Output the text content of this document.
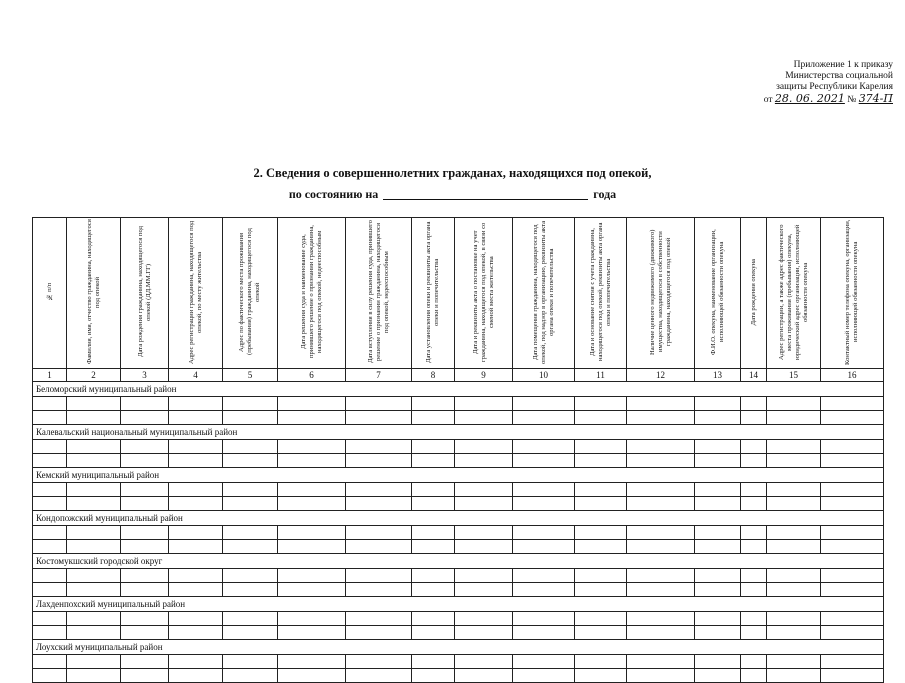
Приложение 1 к приказу
Министерства социальной
защиты Республики Карелия
от 28. 06. 2021 № 374-П
2. Сведения о совершеннолетних гражданах, находящихся под опекой,
по состоянию на	года
№ п/п	Фамилия, имя, отчество гражданина, находящегося под опекой	Дата рождения гражданина, находящегося под опекой (ДД.ММ.ГГ)	Адрес регистрации гражданина, находящегося под опекой, по месту жительства	Адрес по фактического места проживания (пребывания) гражданина, находящегося под опекой	Дата решения суда и наименование суда, принявшего решение о признании гражданина, находящегося под опекой, недееспособным	Дата вступления в силу решения суда, принявшего решение о признании гражданина, находящегося под опекой, недееспособным	Дата установления опеки и реквизиты акта органа опеки и попечительства	Дата и реквизиты акта о постановке на учет гражданина, находящегося под опекой, в связи со сменой места жительства	Дата помещения гражданина, находящегося под опекой, под надзор в организацию, реквизиты акта органа опеки и попечительства	Дата и основание снятия с учета гражданина, находящегося под опекой, реквизиты акта органа опеки и попечительства	Наличие ценного недвижимого (движимого) имущества, находящегося в собственности гражданина, находящегося под опекой	Ф.И.О. опекуна, наименование организации, исполняющей обязанности опекуна	Дата рождения опекуна	Адрес регистрации, а также адрес фактического места проживания (пребывания) опекуна, юридический адрес организации, исполняющей обязанности опекуна	Контактный номер телефона опекуна, организации, исполняющей обязанности опекуна
1	2	3	4	5	6	7	8	9	10	11	12	13	14	15	16
Беломорский муниципальный район															

Калевальский национальный муниципальный район															

Кемский муниципальный район															

Кондопожский муниципальный район															

Костомукшский городской округ															

Лахденпохский муниципальный район															

Лоухский муниципальный район															
